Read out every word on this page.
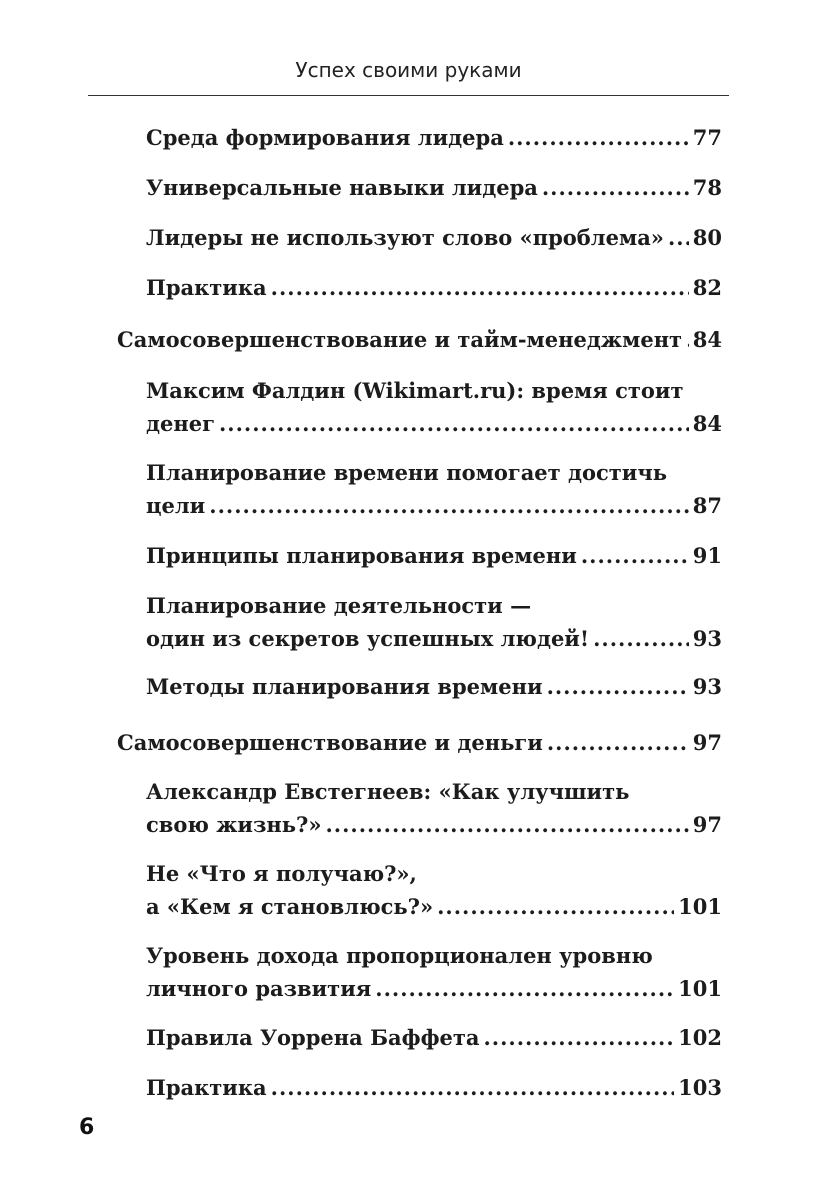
Успех своими руками
Среда формирования лидера .....	77
Универсальные навыки лидера .....	78
Лидеры не используют слово «проблема» ..... 80
Практика .....	82
Самосовершенствование и тайм-менеджмент ..... 84
Максим Фалдин (Wikimart.ru): время стоит
денег .....	84
Планирование времени помогает достичь
цели .....	87
Принципы планирования времени .....	91
Планирование деятельности —
один из секретов успешных людей! .....	93
Методы планирования времени .....	93
Самосовершенствование и деньги .....	97
Александр Евстегнеев: «Как улучшить
свою жизнь?» .....	97
Не «Что я получаю?»,
а «Кем я становлюсь?» .....	101
Уровень дохода пропорционален уровню
личного развития .....	101
Правила Уоррена Баффета .....	102
Практика .....	103
6
